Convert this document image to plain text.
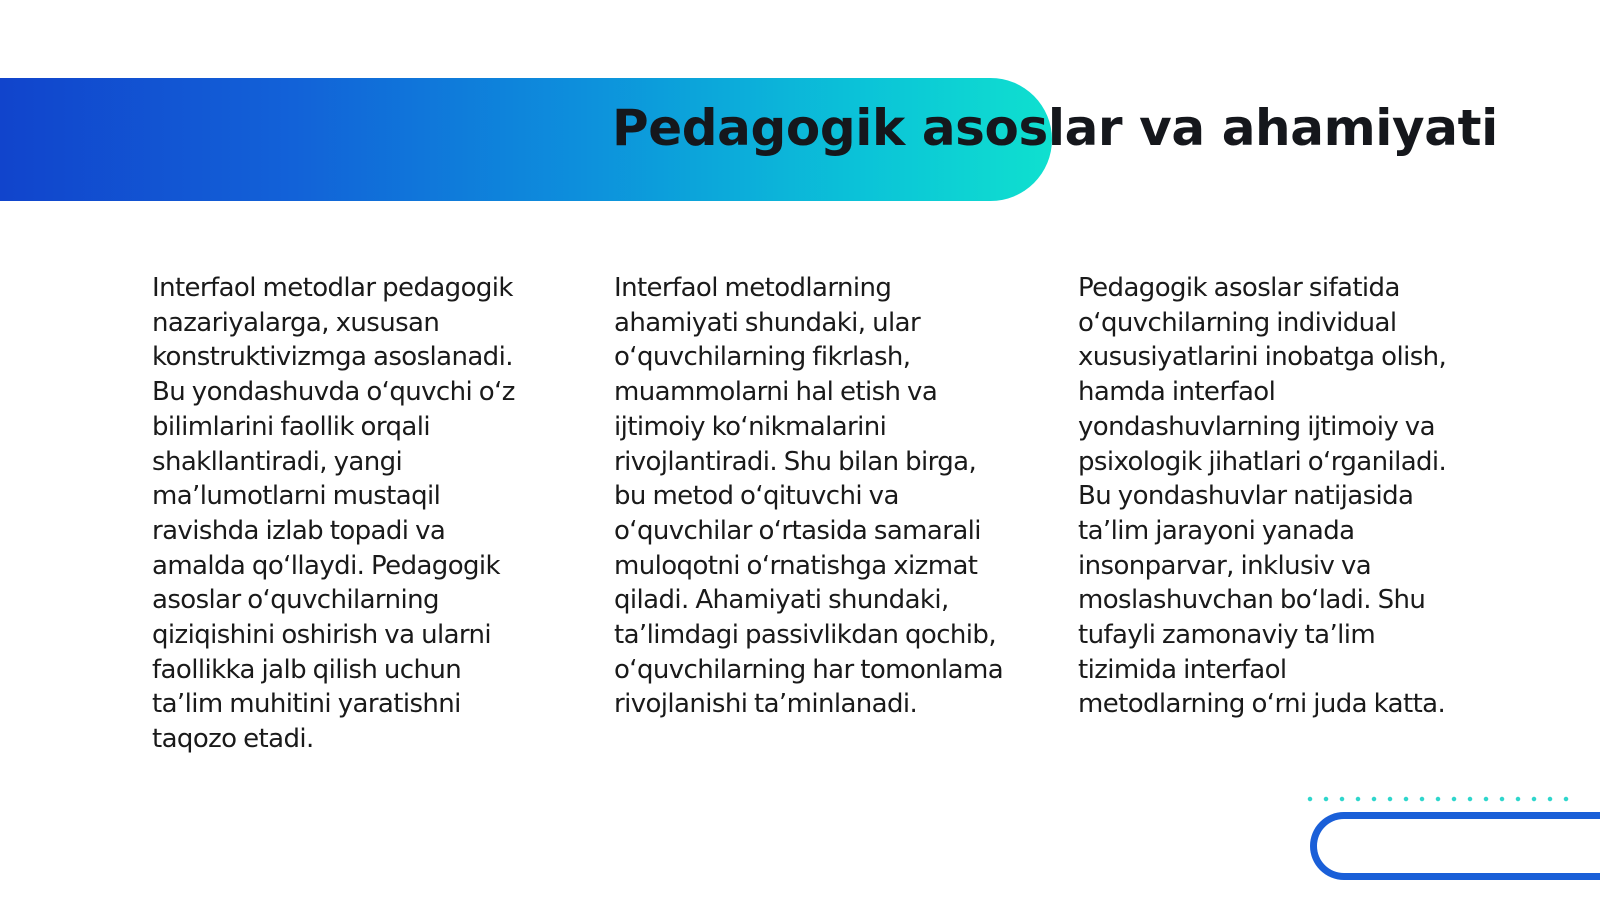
Pedagogik asoslar va ahamiyati

Interfaol metodlar pedagogik nazariyalarga, xususan konstruktivizmga asoslanadi. Bu yondashuvda o‘quvchi o‘z bilimlarini faollik orqali shakllantiradi, yangi ma’lumotlarni mustaqil ravishda izlab topadi va amalda qo‘llaydi. Pedagogik asoslar o‘quvchilarning qiziqishini oshirish va ularni faollikka jalb qilish uchun ta’lim muhitini yaratishni taqozo etadi.

Interfaol metodlarning ahamiyati shundaki, ular o‘quvchilarning fikrlash, muammolarni hal etish va ijtimoiy ko‘nikmalarini rivojlantiradi. Shu bilan birga, bu metod o‘qituvchi va o‘quvchilar o‘rtasida samarali muloqotni o‘rnatishga xizmat qiladi. Ahamiyati shundaki, ta’limdagi passivlikdan qochib, o‘quvchilarning har tomonlama rivojlanishi ta’minlanadi.

Pedagogik asoslar sifatida o‘quvchilarning individual xususiyatlarini inobatga olish, hamda interfaol yondashuvlarning ijtimoiy va psixologik jihatlari o‘rganiladi. Bu yondashuvlar natijasida ta’lim jarayoni yanada insonparvar, inklusiv va moslashuvchan bo‘ladi. Shu tufayli zamonaviy ta’lim tizimida interfaol metodlarning o‘rni juda katta.
